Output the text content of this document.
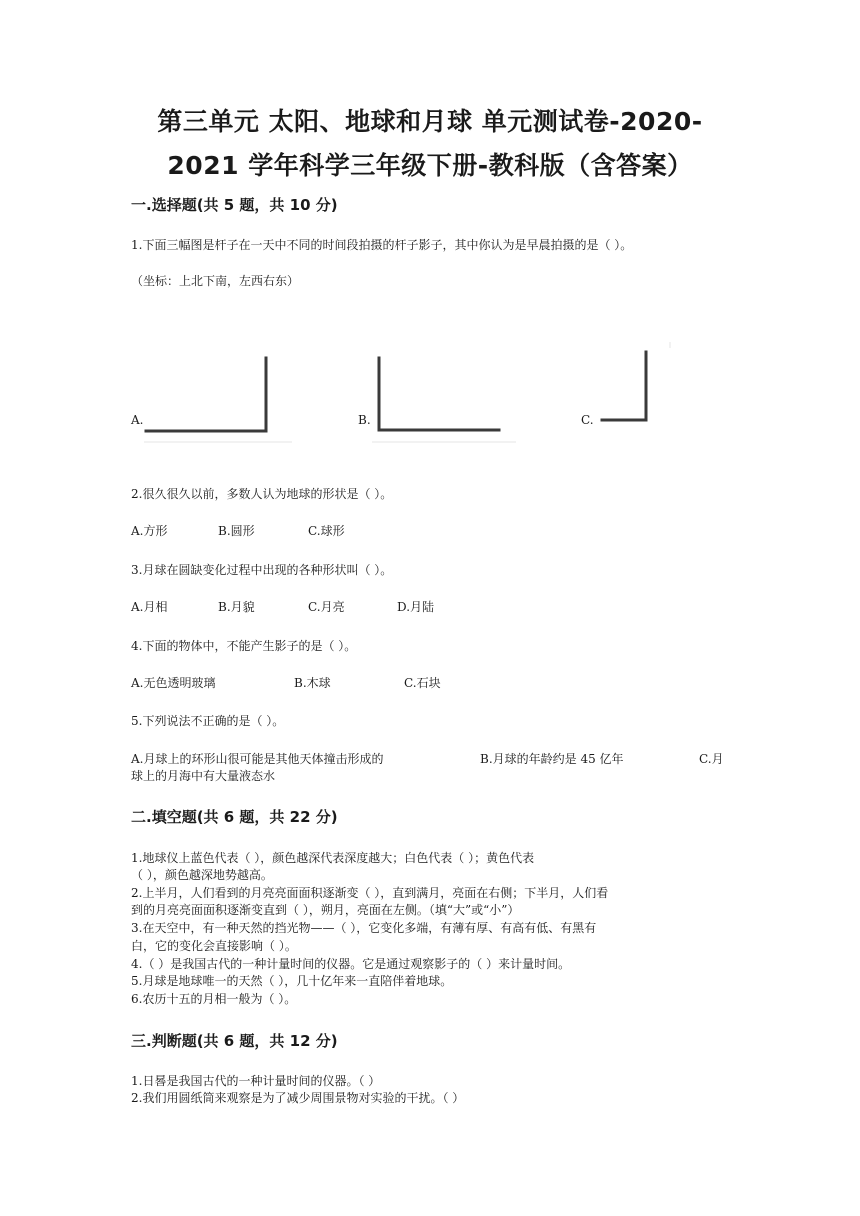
第三单元 太阳、地球和月球 单元测试卷-2020-
2021 学年科学三年级下册-教科版（含答案）
一.选择题(共 5 题，共 10 分)
1.下面三幅图是杆子在一天中不同的时间段拍摄的杆子影子，其中你认为是早晨拍摄的是（ ）。
（坐标：上北下南，左西右东）
A.	B.	C.
2.很久很久以前，多数人认为地球的形状是（ ）。
A.方形	B.圆形	C.球形
3.月球在圆缺变化过程中出现的各种形状叫（ ）。
A.月相	B.月貌	C.月亮	D.月陆
4.下面的物体中，不能产生影子的是（ ）。
A.无色透明玻璃	B.木球	C.石块
5.下列说法不正确的是（ ）。
A.月球上的环形山很可能是其他天体撞击形成的	B.月球的年龄约是 45 亿年	C.月
球上的月海中有大量液态水
二.填空题(共 6 题，共 22 分)
1.地球仪上蓝色代表（ ），颜色越深代表深度越大；白色代表（ ）；黄色代表
（ ），颜色越深地势越高。
2.上半月，人们看到的月亮亮面面积逐渐变（ ），直到满月，亮面在右侧；下半月，人们看
到的月亮亮面面积逐渐变直到（ ），朔月，亮面在左侧。（填“大”或“小”）
3.在天空中，有一种天然的挡光物——（ ），它变化多端，有薄有厚、有高有低、有黑有
白，它的变化会直接影响（ ）。
4.（ ）是我国古代的一种计量时间的仪器。它是通过观察影子的（ ）来计量时间。
5.月球是地球唯一的天然（ ），几十亿年来一直陪伴着地球。
6.农历十五的月相一般为（ ）。
三.判断题(共 6 题，共 12 分)
1.日晷是我国古代的一种计量时间的仪器。（ ）
2.我们用圆纸筒来观察是为了减少周围景物对实验的干扰。（ ）
